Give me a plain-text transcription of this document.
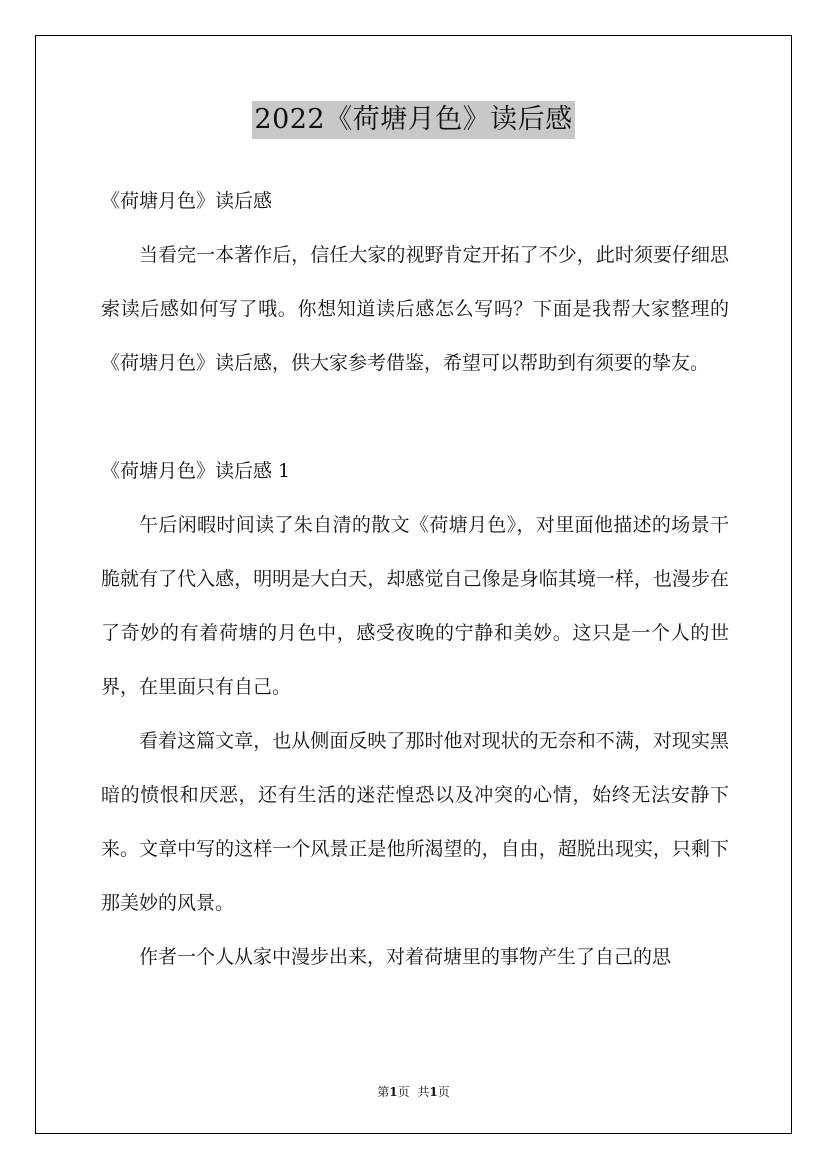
2022《荷塘月色》读后感

《荷塘月色》读后感

当看完一本著作后，信任大家的视野肯定开拓了不少，此时须要仔细思索读后感如何写了哦。你想知道读后感怎么写吗？下面是我帮大家整理的《荷塘月色》读后感，供大家参考借鉴，希望可以帮助到有须要的挚友。

《荷塘月色》读后感 1

午后闲暇时间读了朱自清的散文《荷塘月色》，对里面他描述的场景干脆就有了代入感，明明是大白天，却感觉自己像是身临其境一样，也漫步在了奇妙的有着荷塘的月色中，感受夜晚的宁静和美妙。这只是一个人的世界，在里面只有自己。

看着这篇文章，也从侧面反映了那时他对现状的无奈和不满，对现实黑暗的愤恨和厌恶，还有生活的迷茫惶恐以及冲突的心情，始终无法安静下来。文章中写的这样一个风景正是他所渴望的，自由，超脱出现实，只剩下那美妙的风景。

作者一个人从家中漫步出来，对着荷塘里的事物产生了自己的思

第1页 共1页
